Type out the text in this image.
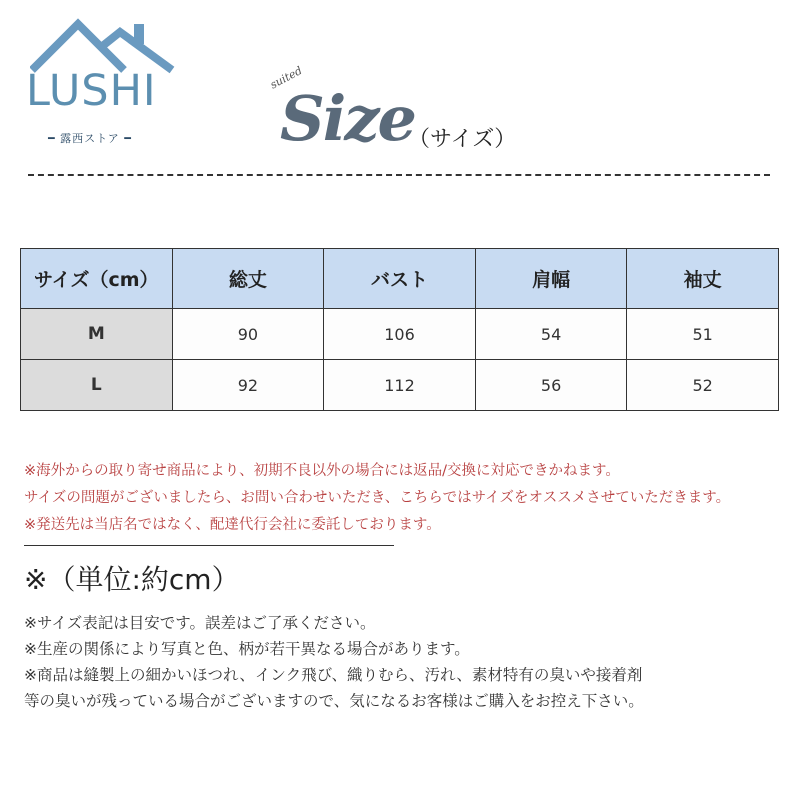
LUSHI
━ 露西ストア ━
suited
Size
（サイズ）
サイズ（cm）	総丈	バスト	肩幅	袖丈
M	90	106	54	51
L	92	112	56	52

※海外からの取り寄せ商品により、初期不良以外の場合には返品/交換に対応できかねます。

サイズの問題がございましたら、お問い合わせいただき、こちらではサイズをオススメさせていただきます。

※発送先は当店名ではなく、配達代行会社に委託しております。

※（単位:約cm）

※サイズ表記は目安です。誤差はご了承ください。

※生産の関係により写真と色、柄が若干異なる場合があります。

※商品は縫製上の細かいほつれ、インク飛び、織りむら、汚れ、素材特有の臭いや接着剤

等の臭いが残っている場合がございますので、気になるお客様はご購入をお控え下さい。
